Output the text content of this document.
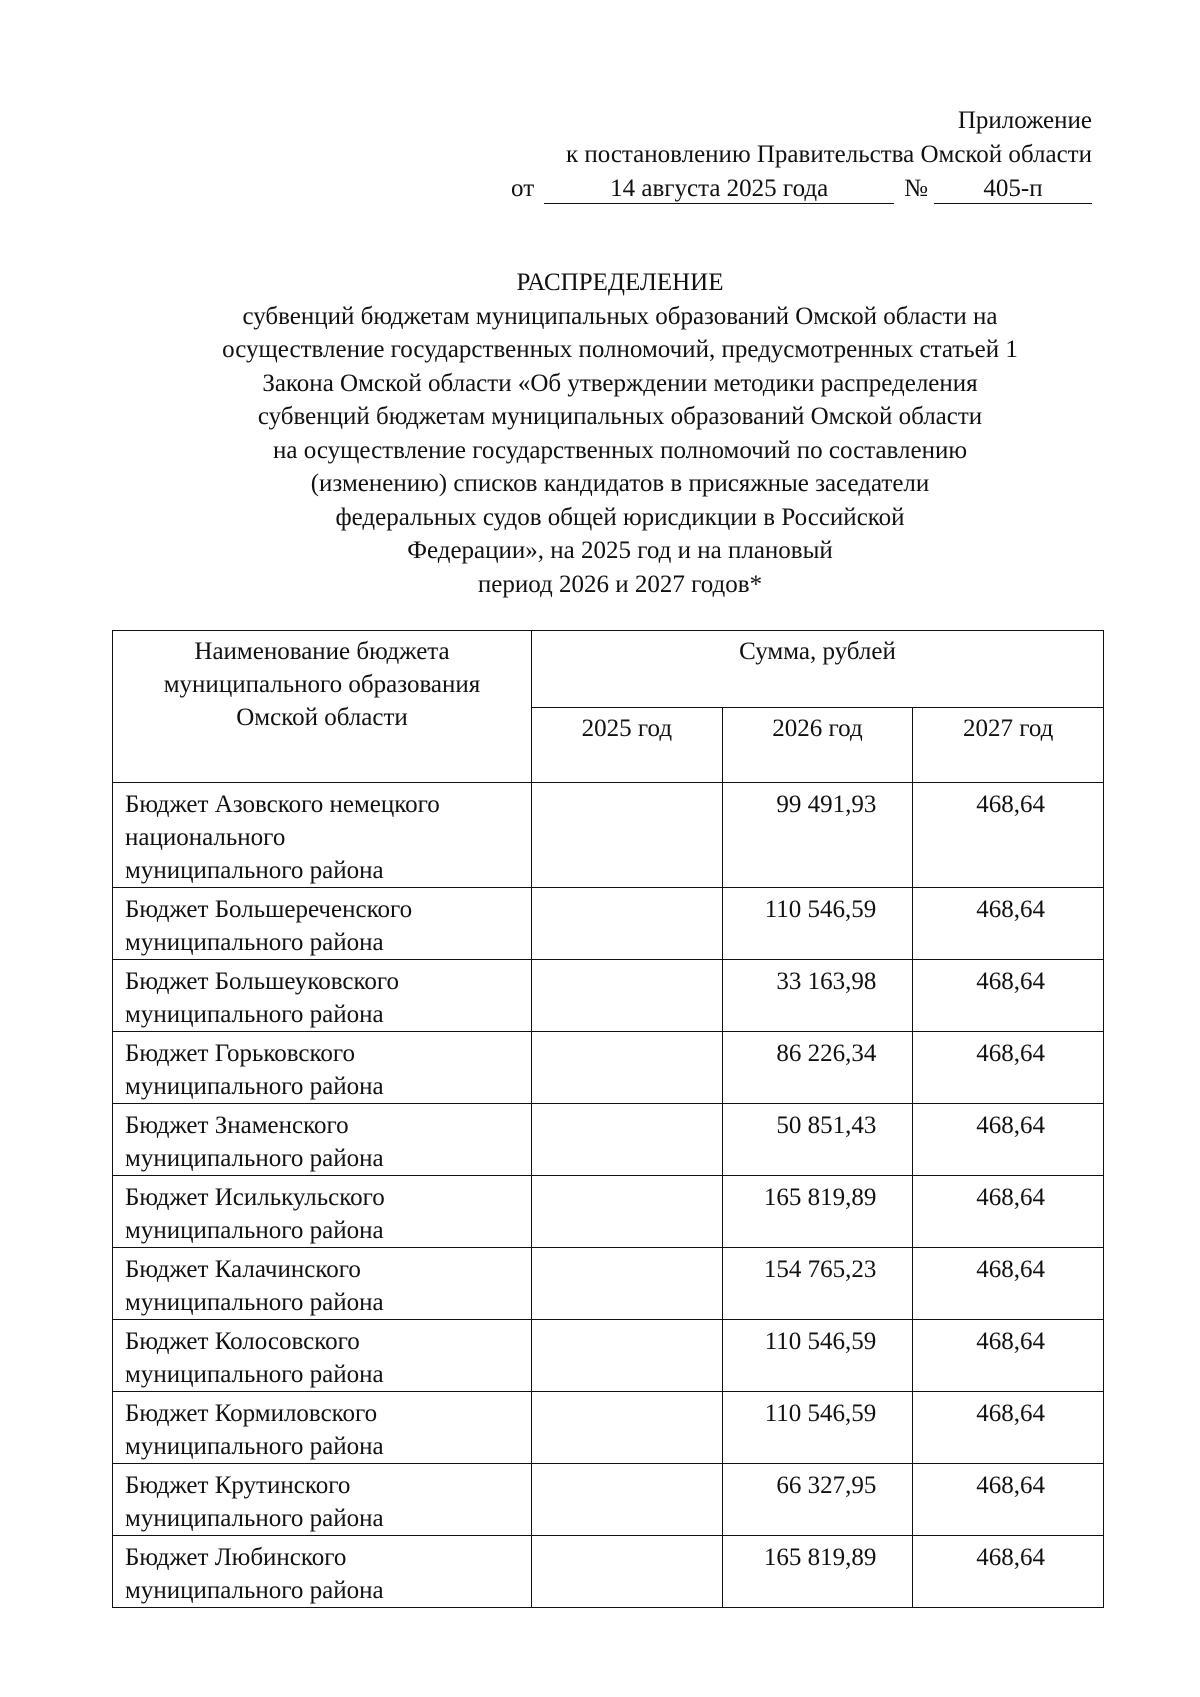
Приложение
к постановлению Правительства Омской области
от	14 августа 2025 года	№	405-п
РАСПРЕДЕЛЕНИЕ
субвенций бюджетам муниципальных образований Омской области на
осуществление государственных полномочий, предусмотренных статьей 1
Закона Омской области «Об утверждении методики распределения
субвенций бюджетам муниципальных образований Омской области
на осуществление государственных полномочий по составлению
(изменению) списков кандидатов в присяжные заседатели
федеральных судов общей юрисдикции в Российской
Федерации», на 2025 год и на плановый
период 2026 и 2027 годов*
Наименование бюджета
муниципального образования
Омской области	Сумма, рублей		
	2025 год	2026 год	2027 год

Бюджет Азовского немецкого
национального
муниципального района		99 491,93	468,64

Бюджет Большереченского
муниципального района		110 546,59	468,64

Бюджет Большеуковского
муниципального района		33 163,98	468,64

Бюджет Горьковского
муниципального района		86 226,34	468,64

Бюджет Знаменского
муниципального района		50 851,43	468,64

Бюджет Исилькульского
муниципального района		165 819,89	468,64

Бюджет Калачинского
муниципального района		154 765,23	468,64

Бюджет Колосовского
муниципального района		110 546,59	468,64

Бюджет Кормиловского
муниципального района		110 546,59	468,64

Бюджет Крутинского
муниципального района		66 327,95	468,64

Бюджет Любинского
муниципального района		165 819,89	468,64
